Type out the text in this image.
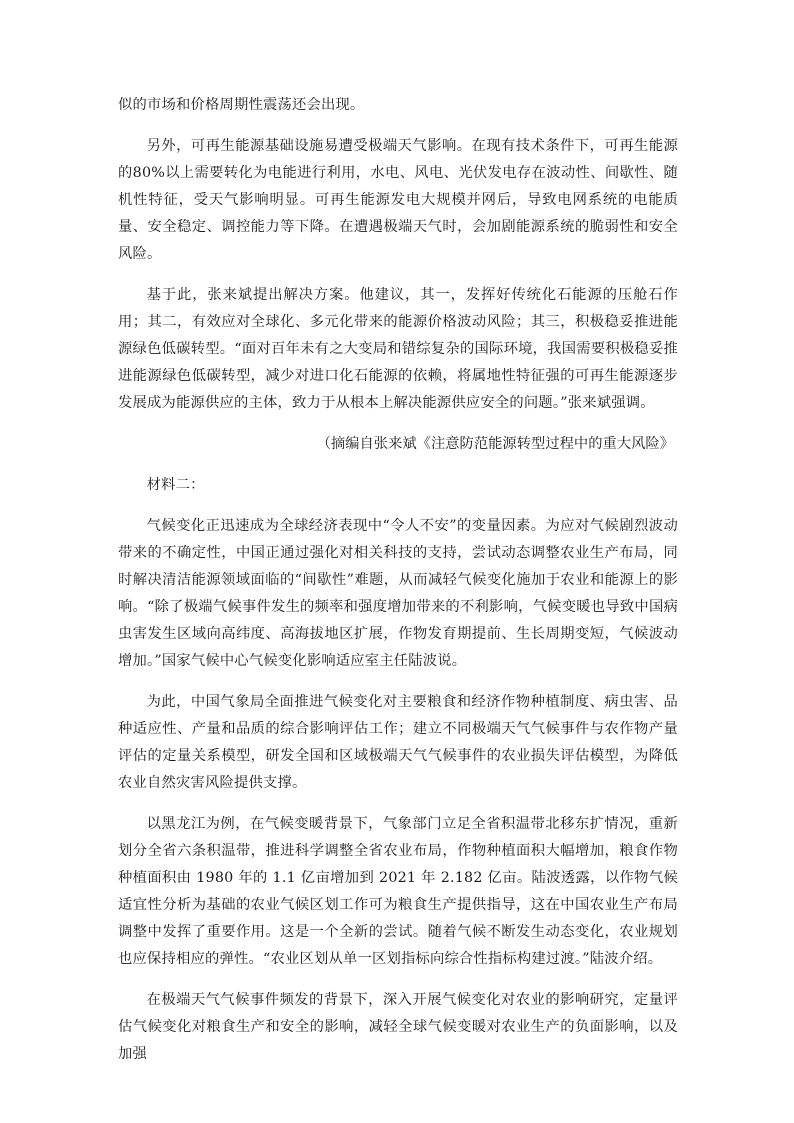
似的市场和价格周期性震荡还会出现。

另外，可再生能源基础设施易遭受极端天气影响。在现有技术条件下，可再生能源的80%以上需要转化为电能进行利用，水电、风电、光伏发电存在波动性、间歇性、随机性特征，受天气影响明显。可再生能源发电大规模并网后，导致电网系统的电能质量、安全稳定、调控能力等下降。在遭遇极端天气时，会加剧能源系统的脆弱性和安全风险。

基于此，张来斌提出解决方案。他建议，其一，发挥好传统化石能源的压舱石作用；其二，有效应对全球化、多元化带来的能源价格波动风险；其三，积极稳妥推进能源绿色低碳转型。“面对百年未有之大变局和错综复杂的国际环境，我国需要积极稳妥推进能源绿色低碳转型，减少对进口化石能源的依赖，将属地性特征强的可再生能源逐步发展成为能源供应的主体，致力于从根本上解决能源供应安全的问题。”张来斌强调。

（摘编自张来斌《注意防范能源转型过程中的重大风险》

材料二：

气候变化正迅速成为全球经济表现中“令人不安”的变量因素。为应对气候剧烈波动带来的不确定性，中国正通过强化对相关科技的支持，尝试动态调整农业生产布局，同时解决清洁能源领域面临的“间歇性”难题，从而减轻气候变化施加于农业和能源上的影响。“除了极端气候事件发生的频率和强度增加带来的不利影响，气候变暖也导致中国病虫害发生区域向高纬度、高海拔地区扩展，作物发育期提前、生长周期变短，气候波动增加。”国家气候中心气候变化影响适应室主任陆波说。

为此，中国气象局全面推进气候变化对主要粮食和经济作物种植制度、病虫害、品种适应性、产量和品质的综合影响评估工作；建立不同极端天气气候事件与农作物产量评估的定量关系模型，研发全国和区域极端天气气候事件的农业损失评估模型，为降低农业自然灾害风险提供支撑。

以黑龙江为例，在气候变暖背景下，气象部门立足全省积温带北移东扩情况，重新划分全省六条积温带，推进科学调整全省农业布局，作物种植面积大幅增加，粮食作物种植面积由 1980 年的 1.1 亿亩增加到 2021 年 2.182 亿亩。陆波透露，以作物气候适宜性分析为基础的农业气候区划工作可为粮食生产提供指导，这在中国农业生产布局调整中发挥了重要作用。这是一个全新的尝试。随着气候不断发生动态变化，农业规划也应保持相应的弹性。“农业区划从单一区划指标向综合性指标构建过渡。”陆波介绍。

在极端天气气候事件频发的背景下，深入开展气候变化对农业的影响研究，定量评估气候变化对粮食生产和安全的影响，减轻全球气候变暖对农业生产的负面影响，以及加强
